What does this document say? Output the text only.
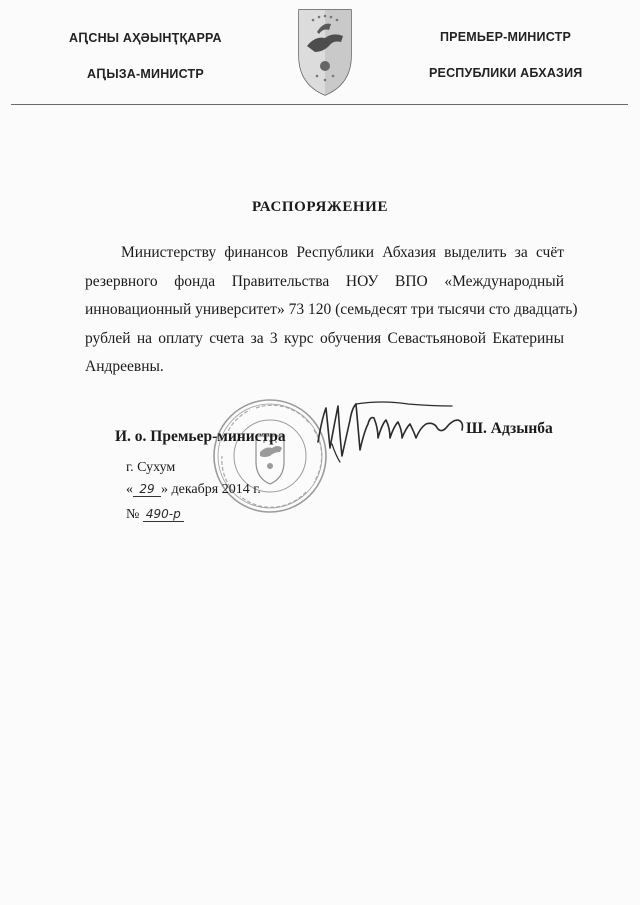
АԤСНЫ АҲӘЫНҬҚАРРА
АԤЫЗА-МИНИСТР
ПРЕМЬЕР-МИНИСТР
РЕСПУБЛИКИ АБХАЗИЯ
РАСПОРЯЖЕНИЕ
Министерству финансов Республики Абхазия выделить за счёт
резервного фонда Правительства НОУ ВПО «Международный
инновационный университет» 73 120 (семьдесят три тысячи сто двадцать)
рублей на оплату счета за 3 курс обучения Севастьяновой Екатерины
Андреевны.
И. о. Премьер-министра	Ш. Адзынба
г. Сухум
« 29 » декабря 2014 г.
№ 490-р
